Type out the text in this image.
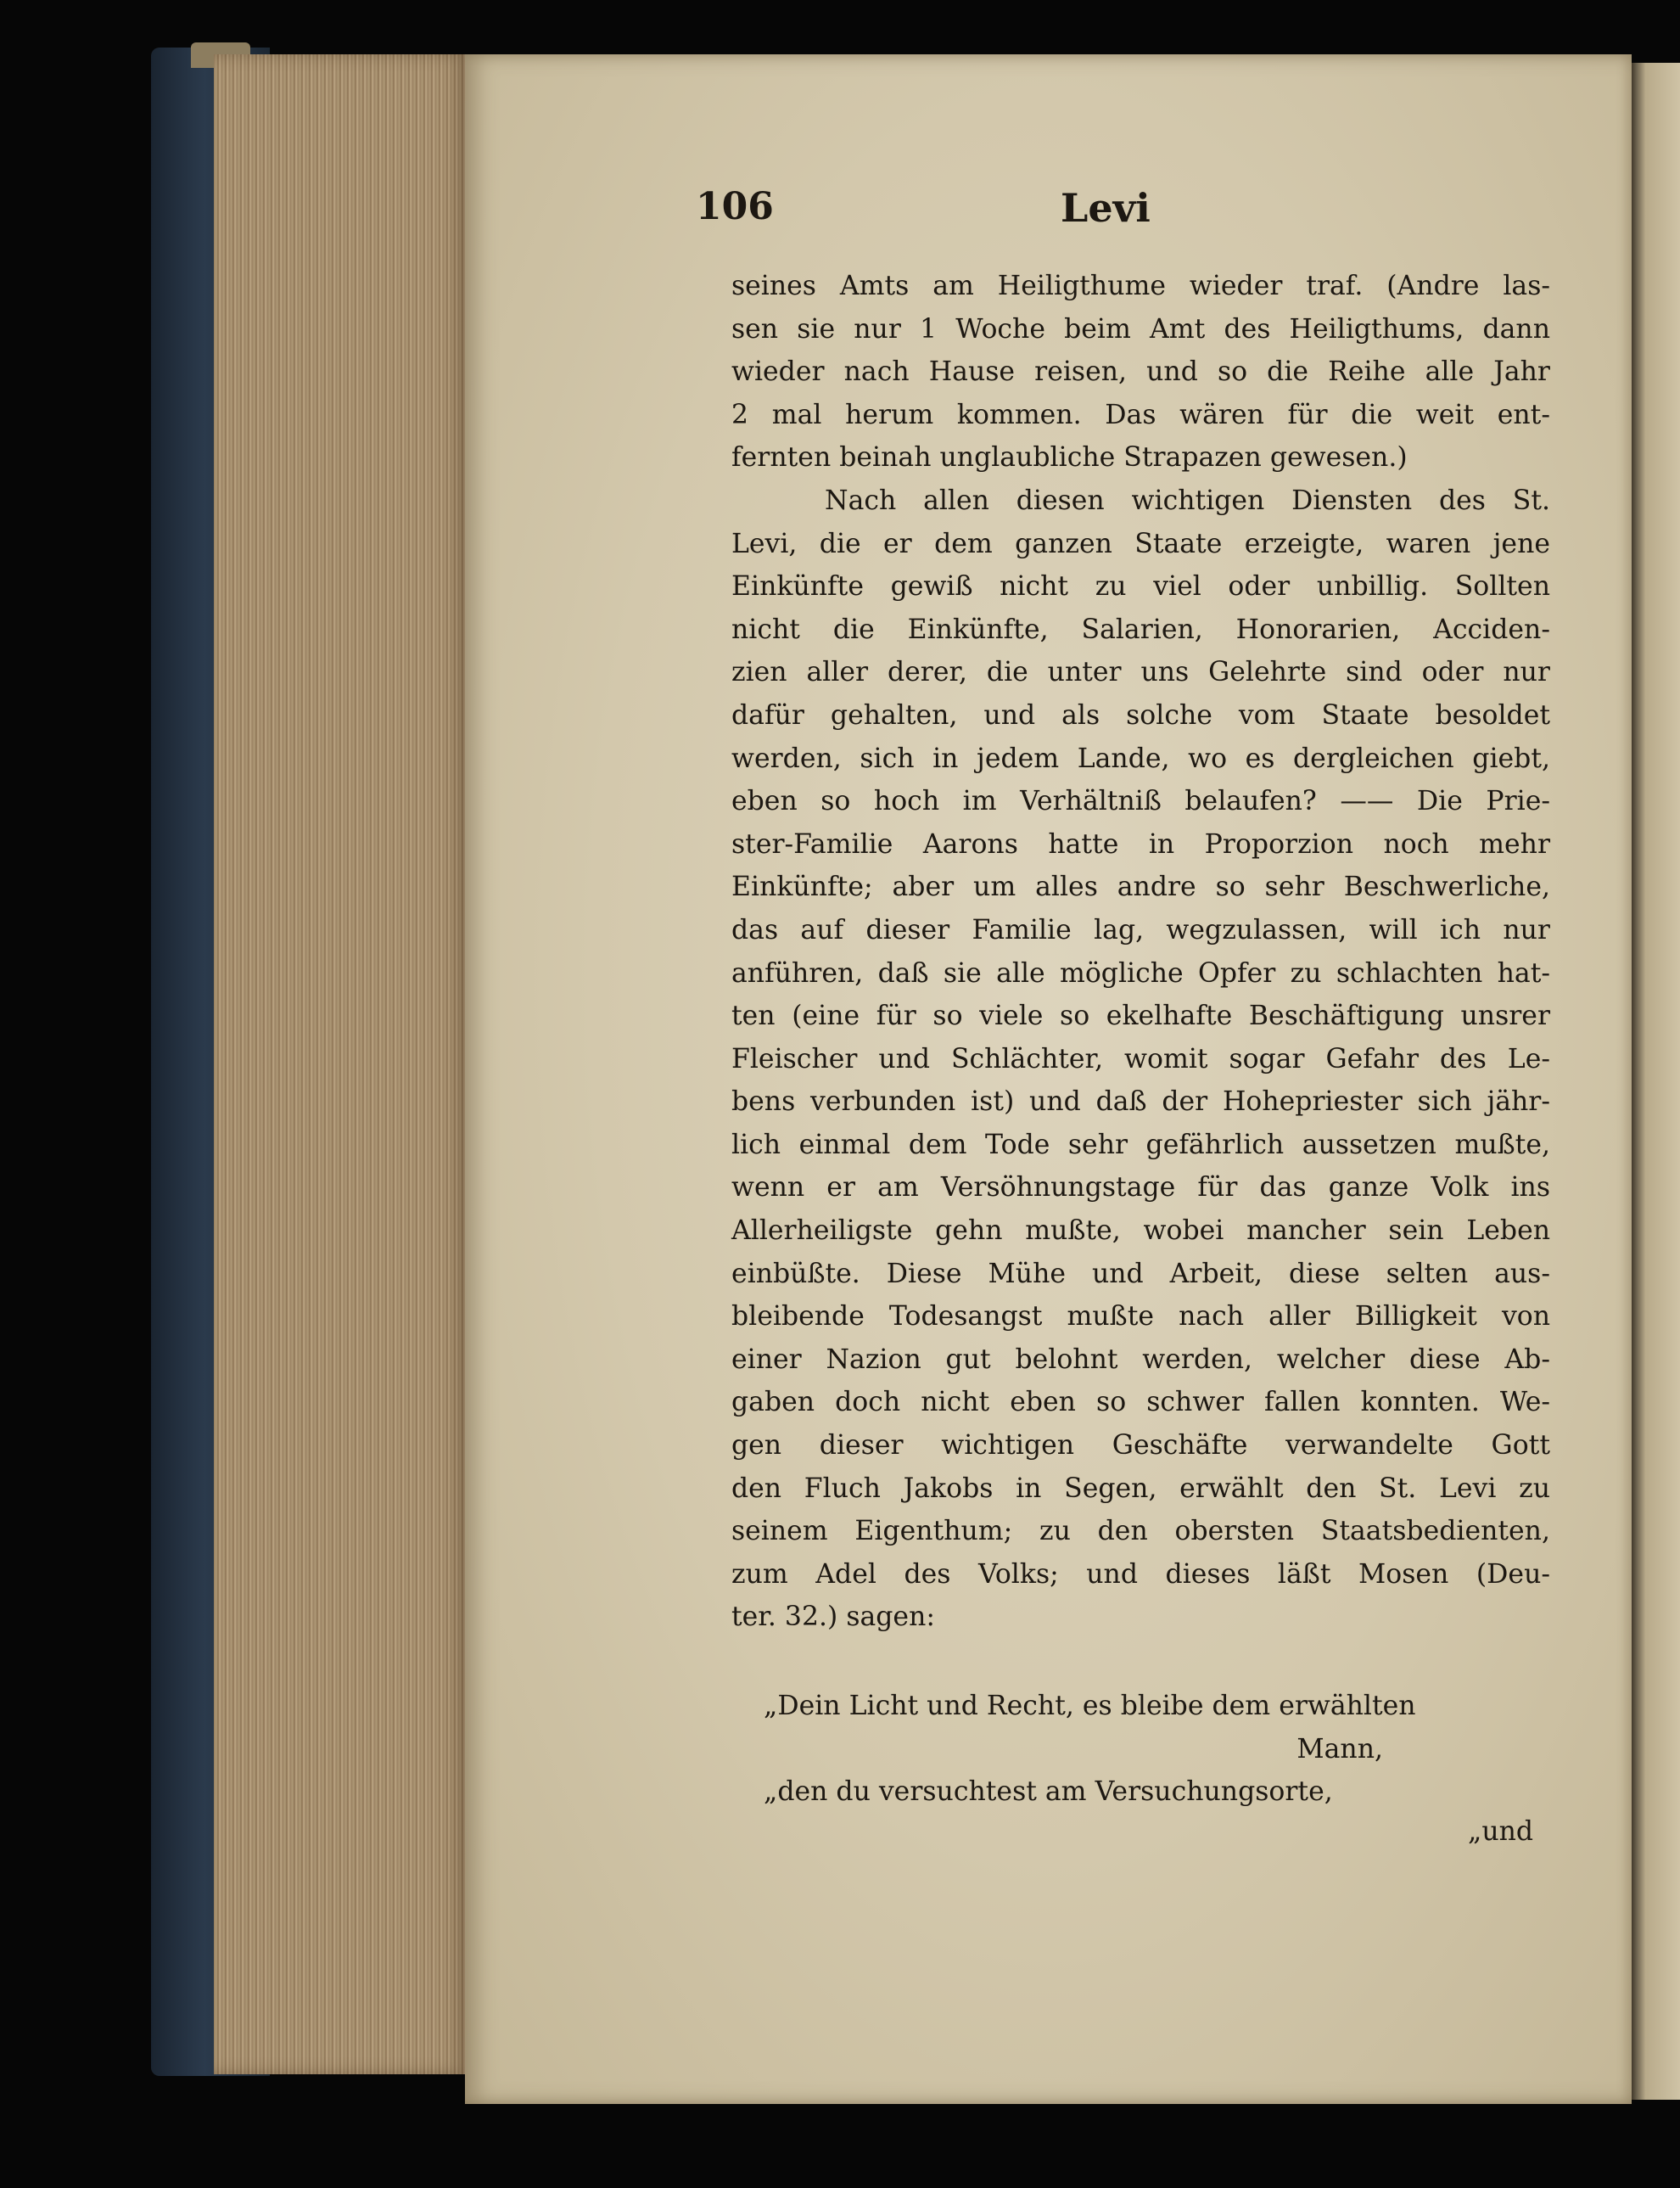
106	Levi
seines Amts am Heiligthume wieder traf. (Andre las-
sen sie nur 1 Woche beim Amt des Heiligthums, dann
wieder nach Hause reisen, und so die Reihe alle Jahr
2 mal herum kommen. Das wären für die weit ent-
fernten beinah unglaubliche Strapazen gewesen.)
Nach allen diesen wichtigen Diensten des St.
Levi, die er dem ganzen Staate erzeigte, waren jene
Einkünfte gewiß nicht zu viel oder unbillig. Sollten
nicht die Einkünfte, Salarien, Honorarien, Acciden-
zien aller derer, die unter uns Gelehrte sind oder nur
dafür gehalten, und als solche vom Staate besoldet
werden, sich in jedem Lande, wo es dergleichen giebt,
eben so hoch im Verhältniß belaufen? —— Die Prie-
ster-Familie Aarons hatte in Proporzion noch mehr
Einkünfte; aber um alles andre so sehr Beschwerliche,
das auf dieser Familie lag, wegzulassen, will ich nur
anführen, daß sie alle mögliche Opfer zu schlachten hat-
ten (eine für so viele so ekelhafte Beschäftigung unsrer
Fleischer und Schlächter, womit sogar Gefahr des Le-
bens verbunden ist) und daß der Hohepriester sich jähr-
lich einmal dem Tode sehr gefährlich aussetzen mußte,
wenn er am Versöhnungstage für das ganze Volk ins
Allerheiligste gehn mußte, wobei mancher sein Leben
einbüßte. Diese Mühe und Arbeit, diese selten aus-
bleibende Todesangst mußte nach aller Billigkeit von
einer Nazion gut belohnt werden, welcher diese Ab-
gaben doch nicht eben so schwer fallen konnten. We-
gen dieser wichtigen Geschäfte verwandelte Gott
den Fluch Jakobs in Segen, erwählt den St. Levi zu
seinem Eigenthum; zu den obersten Staatsbedienten,
zum Adel des Volks; und dieses läßt Mosen (Deu-
ter. 32.) sagen:
„Dein Licht und Recht, es bleibe dem erwählten
Mann,
„den du versuchtest am Versuchungsorte,
„und
